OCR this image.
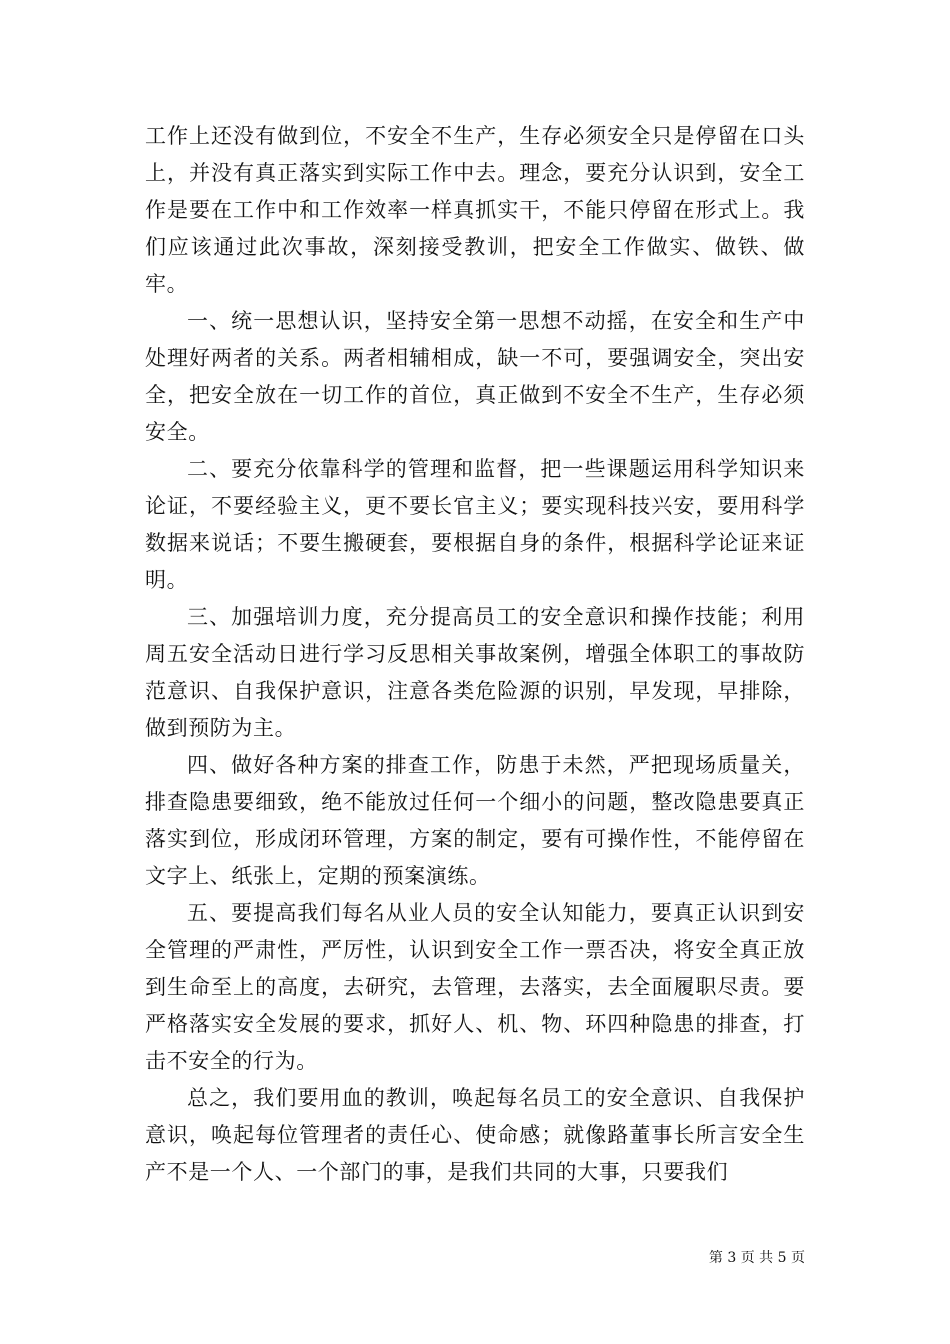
工作上还没有做到位，不安全不生产，生存必须安全只是停留在口头上，并没有真正落实到实际工作中去。理念，要充分认识到，安全工作是要在工作中和工作效率一样真抓实干，不能只停留在形式上。我们应该通过此次事故，深刻接受教训，把安全工作做实、做铁、做牢。

一、统一思想认识，坚持安全第一思想不动摇，在安全和生产中处理好两者的关系。两者相辅相成，缺一不可，要强调安全，突出安全，把安全放在一切工作的首位，真正做到不安全不生产，生存必须安全。

二、要充分依靠科学的管理和监督，把一些课题运用科学知识来论证，不要经验主义，更不要长官主义；要实现科技兴安，要用科学数据来说话；不要生搬硬套，要根据自身的条件，根据科学论证来证明。

三、加强培训力度，充分提高员工的安全意识和操作技能；利用周五安全活动日进行学习反思相关事故案例，增强全体职工的事故防范意识、自我保护意识，注意各类危险源的识别，早发现，早排除，做到预防为主。

四、做好各种方案的排查工作，防患于未然，严把现场质量关，排查隐患要细致，绝不能放过任何一个细小的问题，整改隐患要真正落实到位，形成闭环管理，方案的制定，要有可操作性，不能停留在文字上、纸张上，定期的预案演练。

五、要提高我们每名从业人员的安全认知能力，要真正认识到安全管理的严肃性，严厉性，认识到安全工作一票否决，将安全真正放到生命至上的高度，去研究，去管理，去落实，去全面履职尽责。要严格落实安全发展的要求，抓好人、机、物、环四种隐患的排查，打击不安全的行为。

总之，我们要用血的教训，唤起每名员工的安全意识、自我保护意识，唤起每位管理者的责任心、使命感；就像路董事长所言安全生产不是一个人、一个部门的事，是我们共同的大事，只要我们

第 3 页 共 5 页
